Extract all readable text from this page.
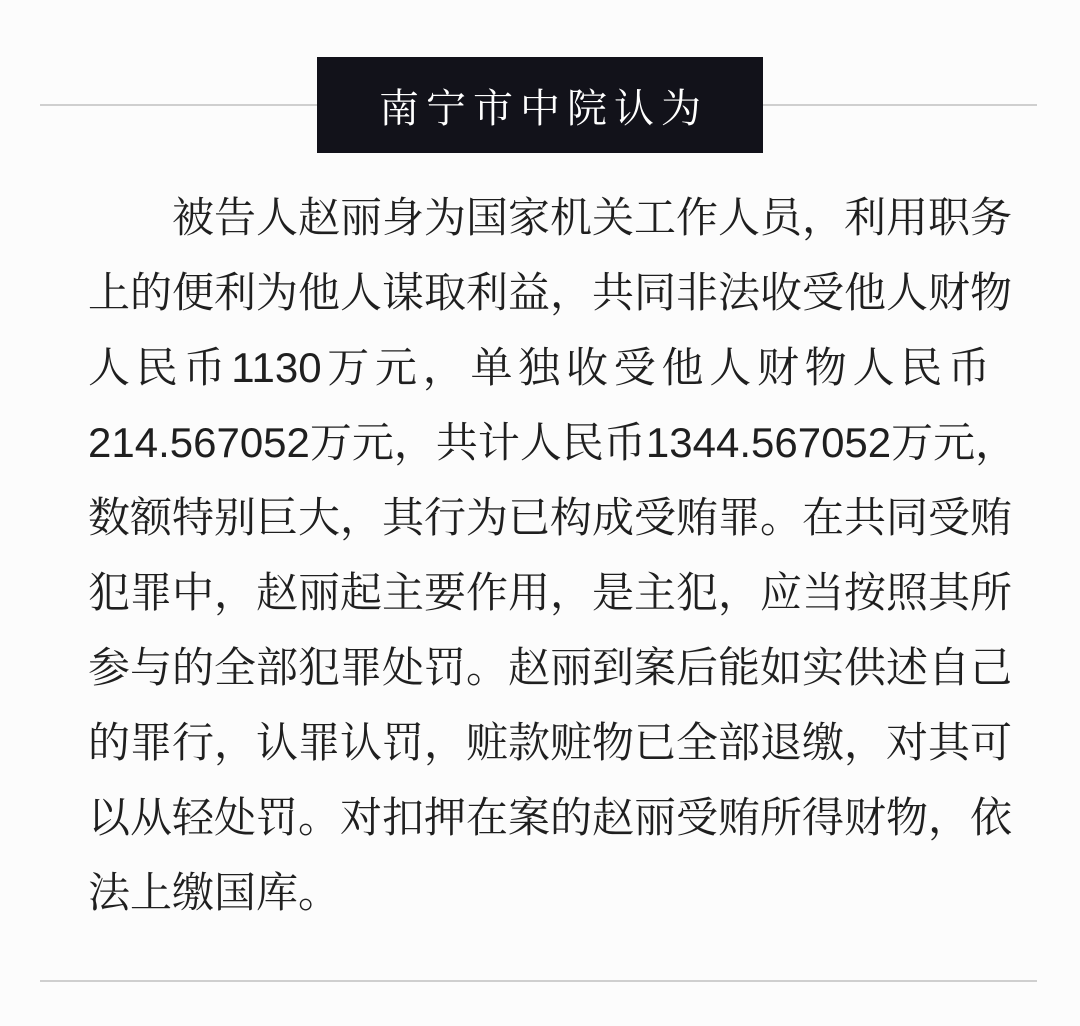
南宁市中院认为
被告人赵丽身为国家机关工作人员，利用职务
上的便利为他人谋取利益，共同非法收受他人财物
人民币1130万元，单独收受他人财物人民币
214.567052万元，共计人民币1344.567052万元，
数额特别巨大，其行为已构成受贿罪。在共同受贿
犯罪中，赵丽起主要作用，是主犯，应当按照其所
参与的全部犯罪处罚。赵丽到案后能如实供述自己
的罪行，认罪认罚，赃款赃物已全部退缴，对其可
以从轻处罚。对扣押在案的赵丽受贿所得财物，依
法上缴国库。
